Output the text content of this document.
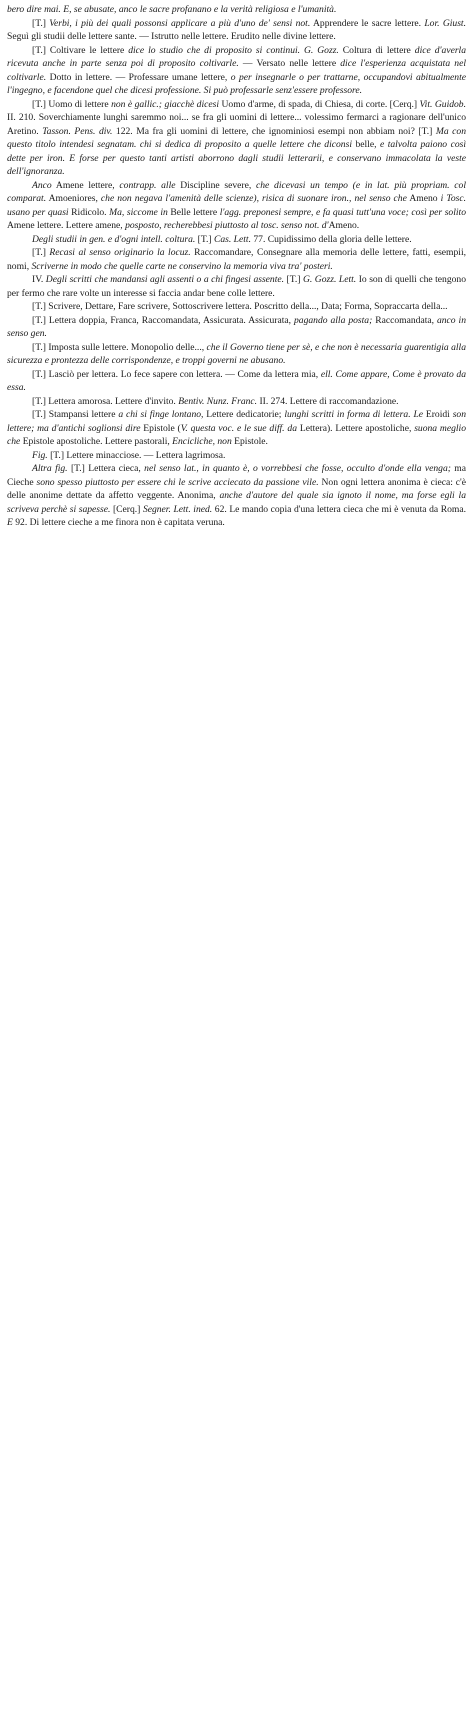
bero dire mai. E, se abusate, anco le sacre profanano e la verità religiosa e l'umanità.

[T.] Verbi, i più dei quali possonsi applicare a più d'uno de' sensi not. Apprendere le sacre lettere. Lor. Giust. Seguì gli studii delle lettere sante. — Istrutto nelle lettere. Erudito nelle divine lettere.

[T.] Coltivare le lettere dice lo studio che di proposito si continui. G. Gozz. Coltura di lettere dice d'averla ricevuta anche in parte senza poi di proposito coltivarle. — Versato nelle lettere dice l'esperienza acquistata nel coltivarle. Dotto in lettere. — Professare umane lettere, o per insegnarle o per trattarne, occupandovi abitualmente l'ingegno, e facendone quel che dicesi professione. Si può professarle senz'essere professore.

[T.] Uomo di lettere non è gallic.; giacchè dicesi Uomo d'arme, di spada, di Chiesa, di corte. [Cerq.] Vit. Guidob. II. 210. Soverchiamente lunghi saremmo noi... se fra gli uomini di lettere... volessimo fermarci a ragionare dell'unico Aretino. Tasson. Pens. div. 122. Ma fra gli uomini di lettere, che ignominiosi esempi non abbiam noi? [T.] Ma con questo titolo intendesi segnatam. chi si dedica di proposito a quelle lettere che diconsi belle, e talvolta paiono così dette per iron. E forse per questo tanti artisti aborrono dagli studii letterarii, e conservano immacolata la veste dell'ignoranza.

Anco Amene lettere, contrapp. alle Discipline severe, che dicevasi un tempo (e in lat. più propriam. col comparat. Amoeniores, che non negava l'amenità delle scienze), risica di suonare iron., nel senso che Ameno i Tosc. usano per quasi Ridicolo. Ma, siccome in Belle lettere l'agg. preponesi sempre, e fa quasi tutt'una voce; così per solito Amene lettere. Lettere amene, posposto, recherebbesi piuttosto al tosc. senso not. d'Ameno.

Degli studii in gen. e d'ogni intell. coltura. [T.] Cas. Lett. 77. Cupidissimo della gloria delle lettere.

[T.] Recasi al senso originario la locuz. Raccomandare, Consegnare alla memoria delle lettere, fatti, esempii, nomi, Scriverne in modo che quelle carte ne conservino la memoria viva tra' posteri.

IV. Degli scritti che mandansi agli assenti o a chi fingesi assente. [T.] G. Gozz. Lett. Io son di quelli che tengono per fermo che rare volte un interesse si faccia andar bene colle lettere.

[T.] Scrivere, Dettare, Fare scrivere, Sottoscrivere lettera. Poscritto della..., Data; Forma, Sopraccarta della...

[T.] Lettera doppia, Franca, Raccomandata, Assicurata. Assicurata, pagando alla posta; Raccomandata, anco in senso gen.

[T.] Imposta sulle lettere. Monopolio delle..., che il Governo tiene per sè, e che non è necessaria guarentigia alla sicurezza e prontezza delle corrispondenze, e troppi governi ne abusano.

[T.] Lasciò per lettera. Lo fece sapere con lettera. — Come da lettera mia, ell. Come appare, Come è provato da essa.

[T.] Lettera amorosa. Lettere d'invito. Bentiv. Nunz. Franc. II. 274. Lettere di raccomandazione.

[T.] Stampansi lettere a chi si finge lontano, Lettere dedicatorie; lunghi scritti in forma di lettera. Le Eroidi son lettere; ma d'antichi soglionsi dire Epistole (V. questa voc. e le sue diff. da Lettera). Lettere apostoliche, suona meglio che Epistole apostoliche. Lettere pastorali, Encicliche, non Epistole.

Fig. [T.] Lettere minacciose. — Lettera lagrimosa.

Altra fig. [T.] Lettera cieca, nel senso lat., in quanto è, o vorrebbesi che fosse, occulto d'onde ella venga; ma Cieche sono spesso piuttosto per essere chi le scrive acciecato da passione vile. Non ogni lettera anonima è cieca: c'è delle anonime dettate da affetto veggente. Anonima, anche d'autore del quale sia ignoto il nome, ma forse egli la scriveva perchè si sapesse. [Cerq.] Segner. Lett. ined. 62. Le mando copia d'una lettera cieca che mi è venuta da Roma. E 92. Di lettere cieche a me finora non è capitata veruna.
